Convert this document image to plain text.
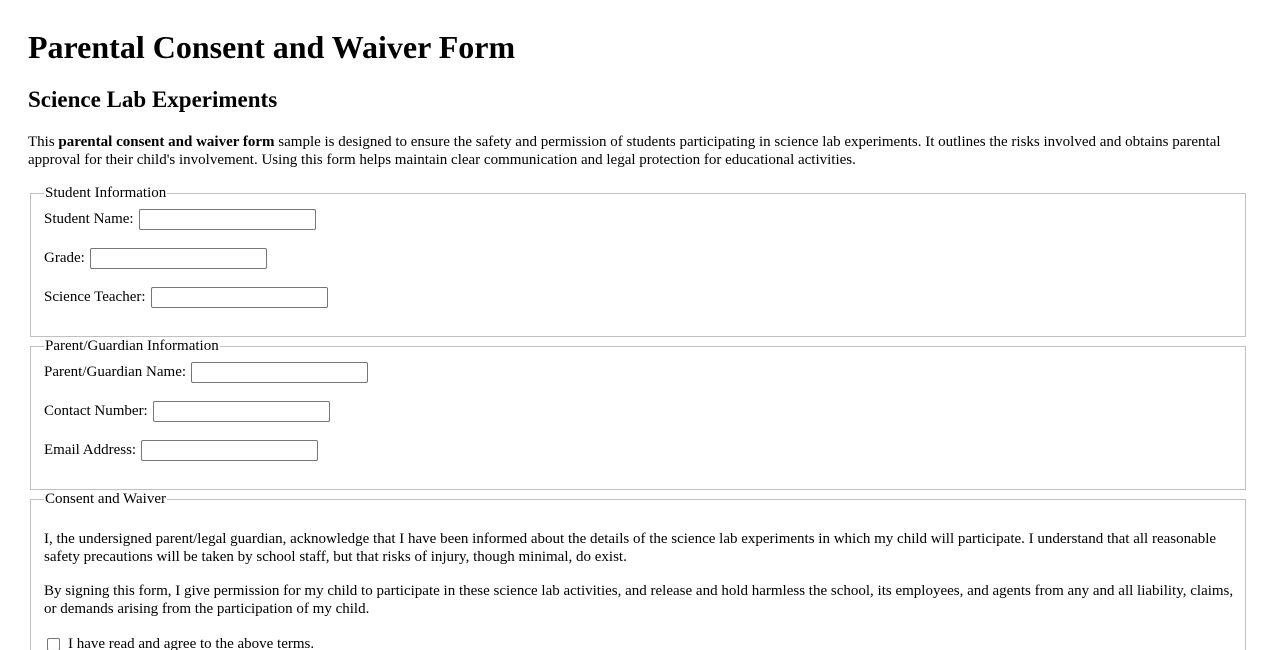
Parental Consent and Waiver Form
Science Lab Experiments

This parental consent and waiver form sample is designed to ensure the safety and permission of students participating in science lab experiments. It outlines the risks involved and obtains parental approval for their child's involvement. Using this form helps maintain clear communication and legal protection for educational activities.

Student Information
Student Name:
Grade:
Science Teacher:
Parent/Guardian Information
Parent/Guardian Name:
Contact Number:
Email Address:
Consent and Waiver

I, the undersigned parent/legal guardian, acknowledge that I have been informed about the details of the science lab experiments in which my child will participate. I understand that all reasonable safety precautions will be taken by school staff, but that risks of injury, though minimal, do exist.

By signing this form, I give permission for my child to participate in these science lab activities, and release and hold harmless the school, its employees, and agents from any and all liability, claims, or demands arising from the participation of my child.

I have read and agree to the above terms.
